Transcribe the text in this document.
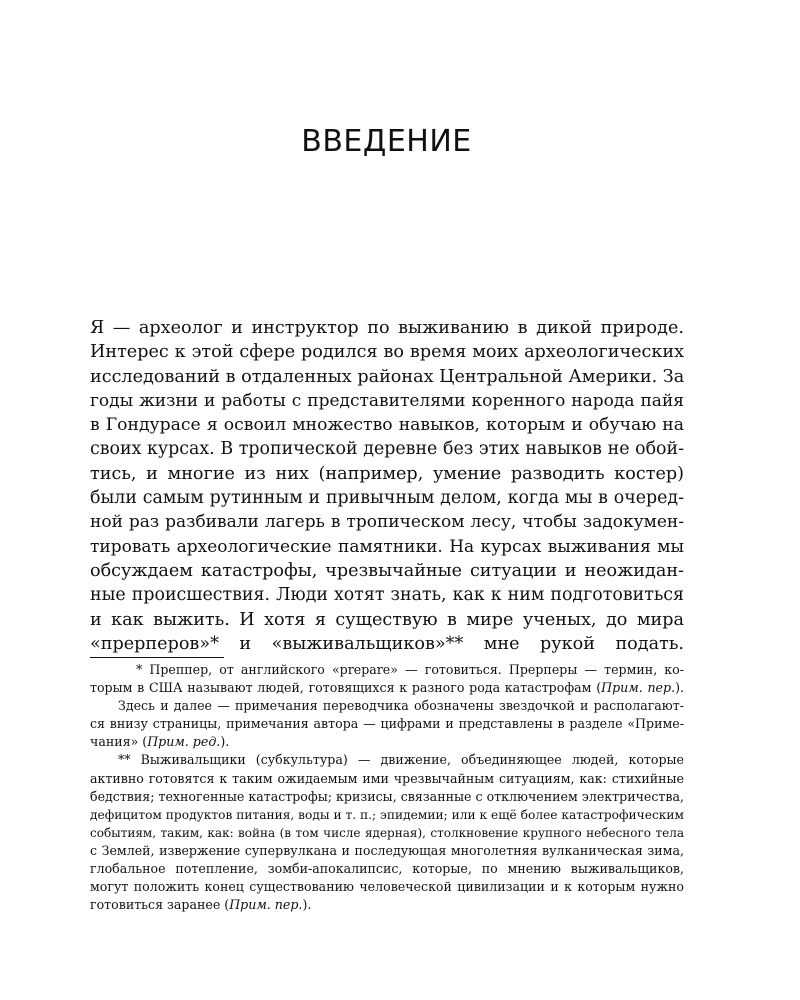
ВВЕДЕНИЕ
Я — археолог и инструктор по выживанию в дикой природе.
Интерес к этой сфере родился во время моих археологических
исследований в отдаленных районах Центральной Америки. За
годы жизни и работы с представителями коренного народа пайя
в Гондурасе я освоил множество навыков, которым и обучаю на
своих курсах. В тропической деревне без этих навыков не обой-
тись, и многие из них (например, умение разводить костер)
были самым рутинным и привычным делом, когда мы в очеред-
ной раз разбивали лагерь в тропическом лесу, чтобы задокумен-
тировать археологические памятники. На курсах выживания мы
обсуждаем катастрофы, чрезвычайные ситуации и неожидан-
ные происшествия. Люди хотят знать, как к ним подготовиться
и как выжить. И хотя я существую в мире ученых, до мира
«прepперов»* и «выживальщиков»** мне рукой подать.
* Преппер, от английского «prepare» — готовиться. Прepперы — термин, ко-
торым в США называют людей, готовящихся к разного рода катастрофам (Прим. пер.).
Здесь и далее — примечания переводчика обозначены звездочкой и располагают-
ся внизу страницы, примечания автора — цифрами и представлены в разделе «Приме-
чания» (Прим. ред.).
** Выживальщики (субкультура) — движение, объединяющее людей, которые
активно готовятся к таким ожидаемым ими чрезвычайным ситуациям, как: стихийные
бедствия; техногенные катастрофы; кризисы, связанные с отключением электричества,
дефицитом продуктов питания, воды и т. п.; эпидемии; или к ещё более катастрофическим
событиям, таким, как: война (в том числе ядерная), столкновение крупного небесного тела
с Землей, извержение супервулкана и последующая многолетняя вулканическая зима,
глобальное потепление, зомби-апокалипсис, которые, по мнению выживальщиков,
могут положить конец существованию человеческой цивилизации и к которым нужно
готовиться заранее (Прим. пер.).
